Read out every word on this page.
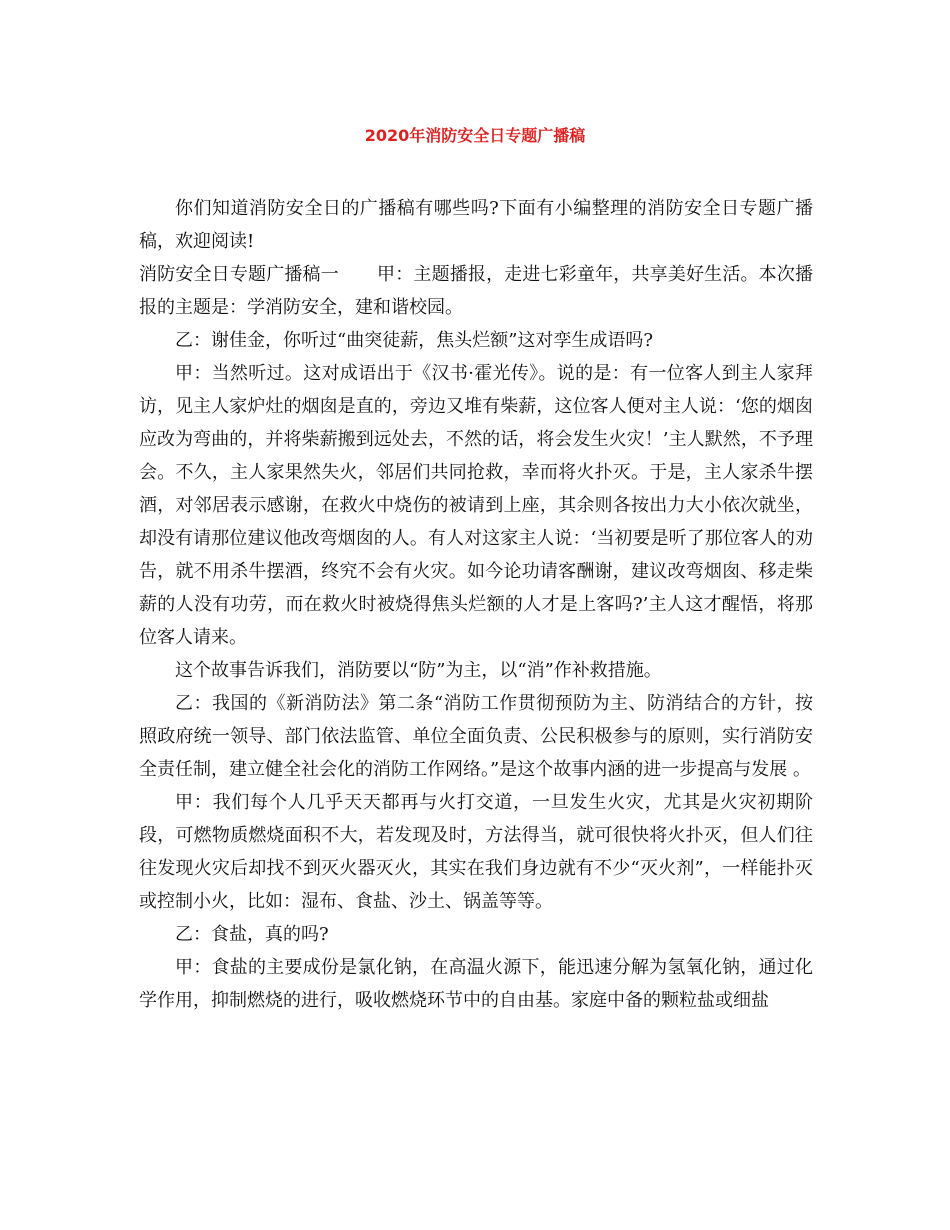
2020年消防安全日专题广播稿

你们知道消防安全日的广播稿有哪些吗?下面有小编整理的消防安全日专题广播稿，欢迎阅读!

消防安全日专题广播稿一 甲：主题播报，走进七彩童年，共享美好生活。本次播报的主题是：学消防安全，建和谐校园。

乙：谢佳金，你听过“曲突徒薪，焦头烂额”这对孪生成语吗?

甲：当然听过。这对成语出于《汉书·霍光传》。说的是：有一位客人到主人家拜访，见主人家炉灶的烟囱是直的，旁边又堆有柴薪，这位客人便对主人说：‘您的烟囱应改为弯曲的，并将柴薪搬到远处去，不然的话，将会发生火灾！’主人默然，不予理会。不久，主人家果然失火，邻居们共同抢救，幸而将火扑灭。于是，主人家杀牛摆酒，对邻居表示感谢，在救火中烧伤的被请到上座，其余则各按出力大小依次就坐，却没有请那位建议他改弯烟囱的人。有人对这家主人说：‘当初要是听了那位客人的劝告，就不用杀牛摆酒，终究不会有火灾。如今论功请客酬谢，建议改弯烟囱、移走柴薪的人没有功劳，而在救火时被烧得焦头烂额的人才是上客吗?’主人这才醒悟，将那位客人请来。

这个故事告诉我们，消防要以“防”为主，以“消”作补救措施。

乙：我国的《新消防法》第二条“消防工作贯彻预防为主、防消结合的方针，按照政府统一领导、部门依法监管、单位全面负责、公民积极参与的原则，实行消防安全责任制，建立健全社会化的消防工作网络。”是这个故事内涵的进一步提高与发展 。

甲：我们每个人几乎天天都再与火打交道，一旦发生火灾，尤其是火灾初期阶段，可燃物质燃烧面积不大，若发现及时，方法得当，就可很快将火扑灭，但人们往往发现火灾后却找不到灭火器灭火，其实在我们身边就有不少“灭火剂”，一样能扑灭或控制小火，比如：湿布、食盐、沙土、锅盖等等。

乙：食盐，真的吗?

甲：食盐的主要成份是氯化钠，在高温火源下，能迅速分解为氢氧化钠，通过化学作用，抑制燃烧的进行，吸收燃烧环节中的自由基。家庭中备的颗粒盐或细盐
